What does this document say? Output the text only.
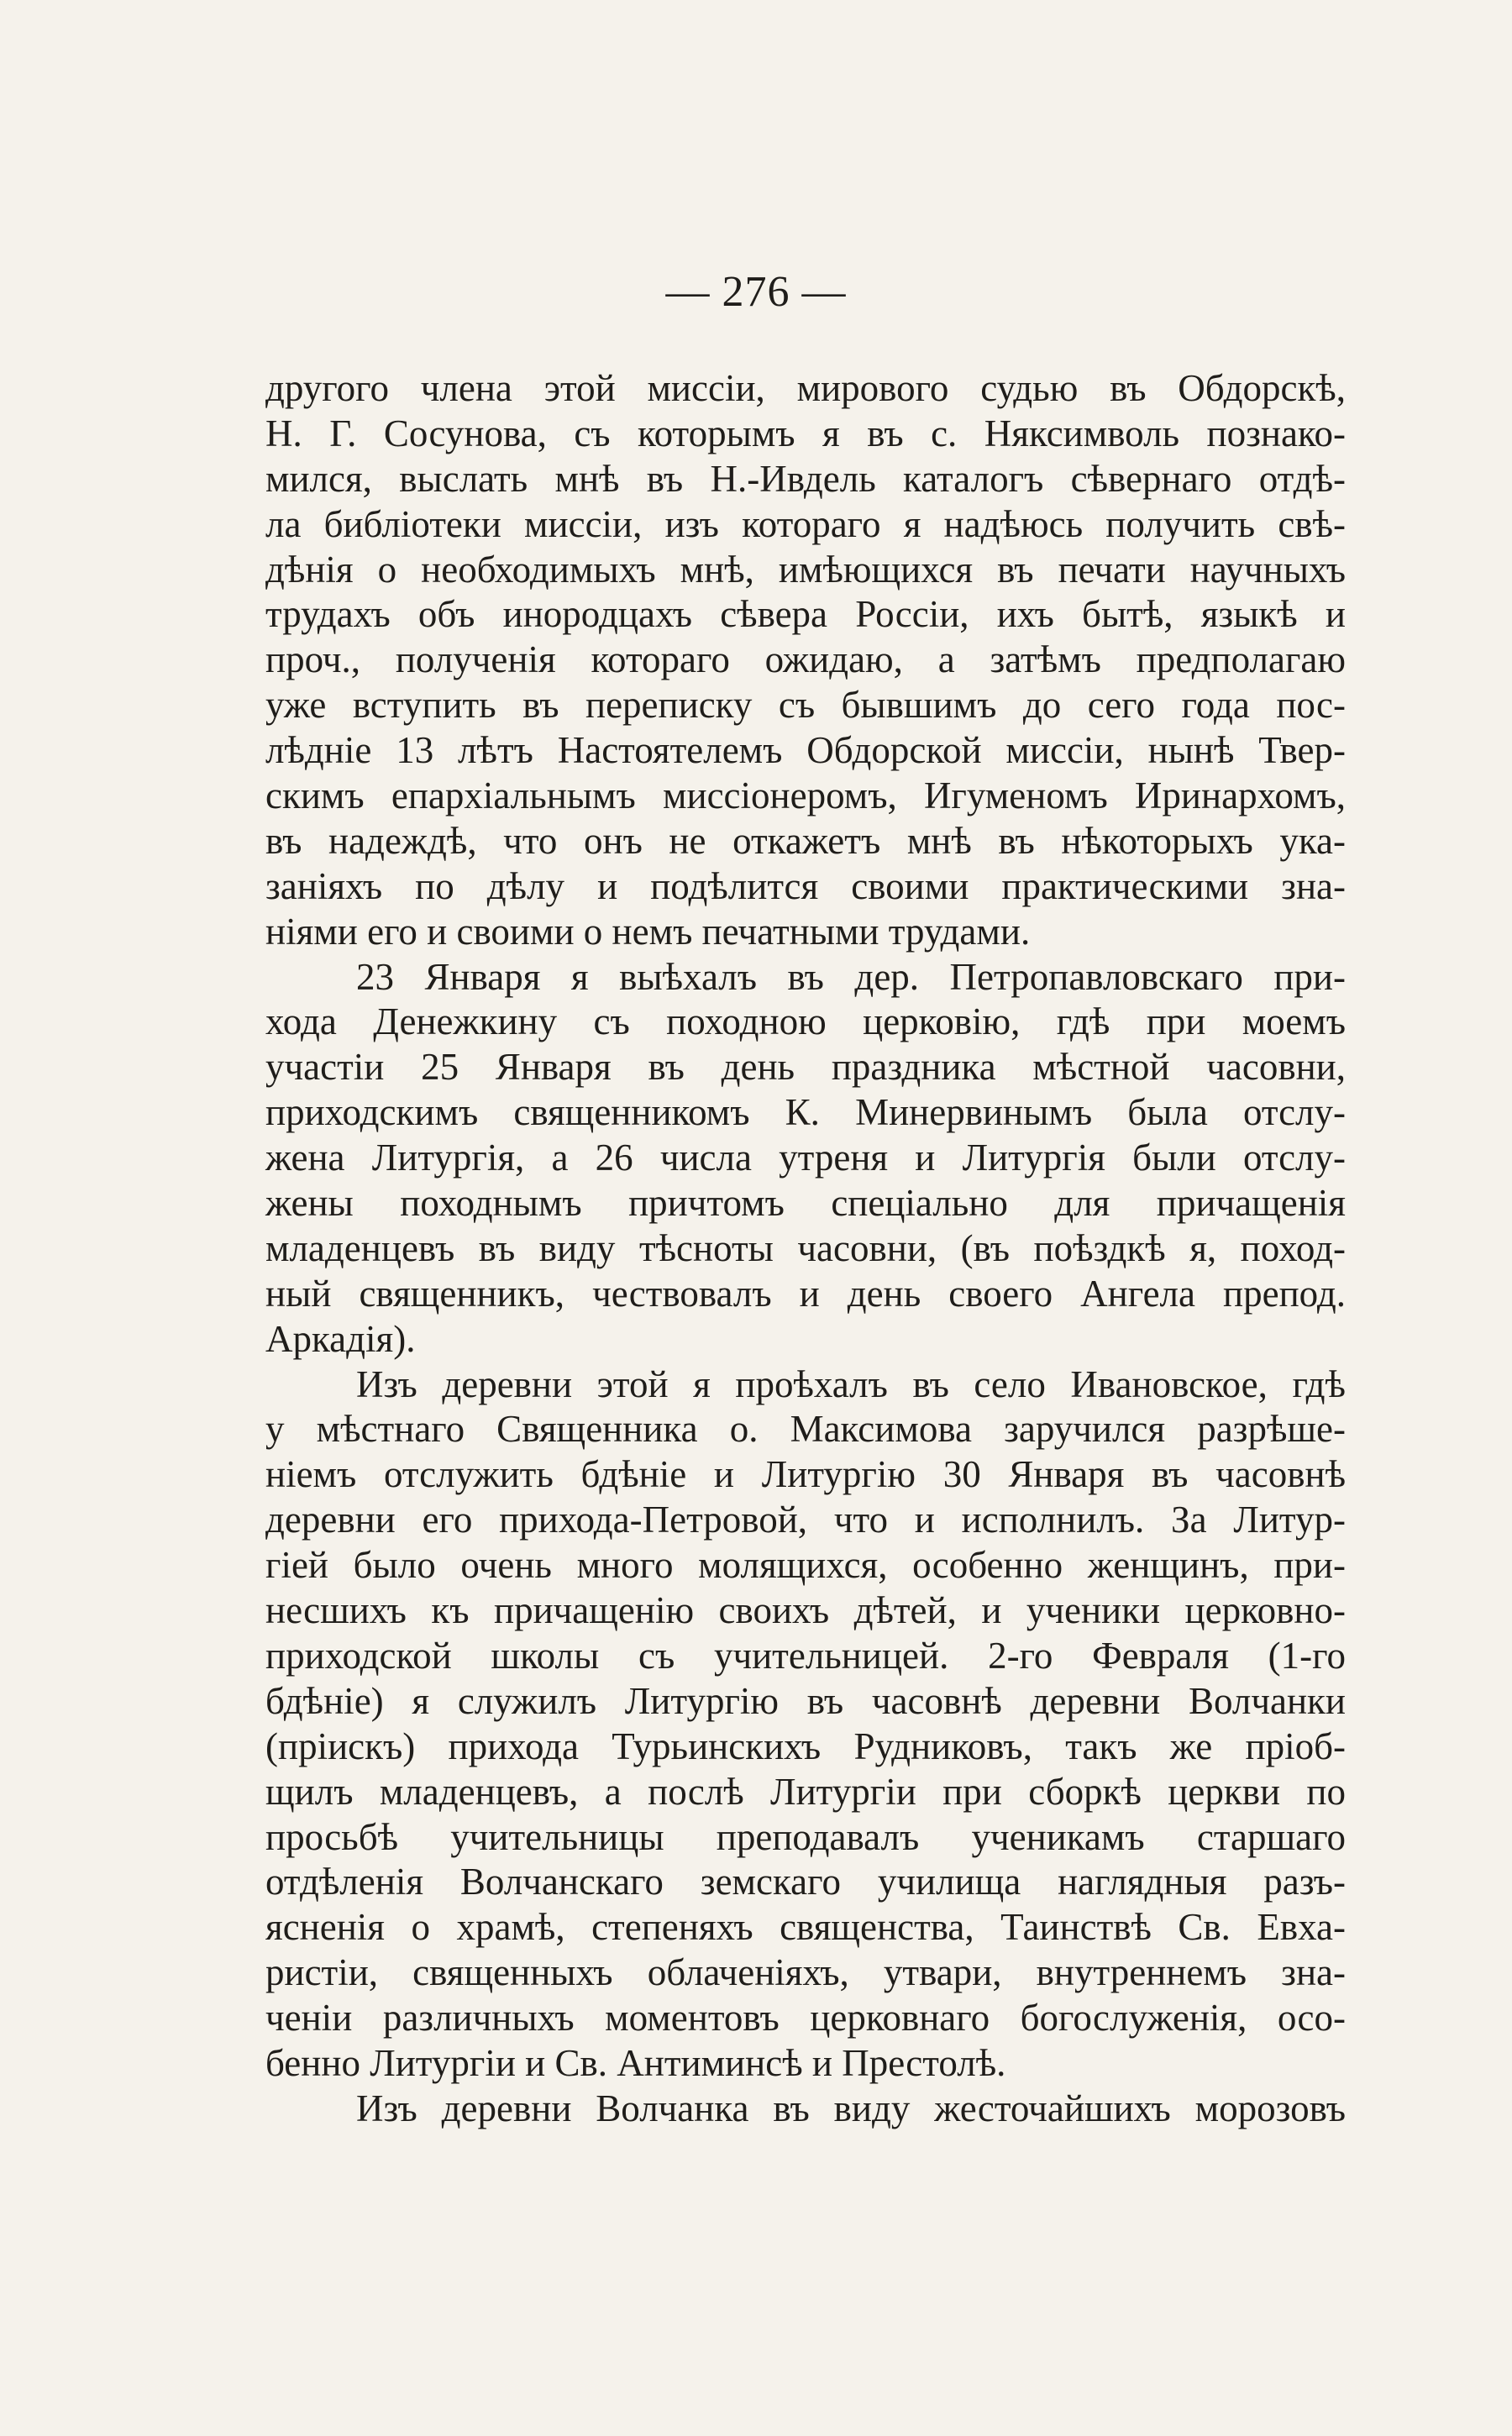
— 276 —
другого члена этой миссіи, мирового судью въ Обдорскѣ,
Н. Г. Сосунова, съ которымъ я въ с. Няксимволь познако-
мился, выслать мнѣ въ Н.-Ивдель каталогъ сѣвернаго отдѣ-
ла библіотеки миссіи, изъ котораго я надѣюсь получить свѣ-
дѣнія о необходимыхъ мнѣ, имѣющихся въ печати научныхъ
трудахъ объ инородцахъ сѣвера Россіи, ихъ бытѣ, языкѣ и
проч., полученія котораго ожидаю, а затѣмъ предполагаю
уже вступить въ переписку съ бывшимъ до сего года пос-
лѣдніе 13 лѣтъ Настоятелемъ Обдорской миссіи, нынѣ Твер-
скимъ епархіальнымъ миссіонеромъ, Игуменомъ Иринархомъ,
въ надеждѣ, что онъ не откажетъ мнѣ въ нѣкоторыхъ ука-
заніяхъ по дѣлу и подѣлится своими практическими зна-
ніями его и своими о немъ печатными трудами.
23 Января я выѣхалъ въ дер. Петропавловскаго при-
хода Денежкину съ походною церковію, гдѣ при моемъ
участіи 25 Января въ день праздника мѣстной часовни,
приходскимъ священникомъ К. Минервинымъ была отслу-
жена Литургія, а 26 числа утреня и Литургія были отслу-
жены походнымъ причтомъ спеціально для причащенія
младенцевъ въ виду тѣсноты часовни, (въ поѣздкѣ я, поход-
ный священникъ, чествовалъ и день своего Ангела препод.
Аркадія).
Изъ деревни этой я проѣхалъ въ село Ивановское, гдѣ
у мѣстнаго Священника о. Максимова заручился разрѣше-
ніемъ отслужить бдѣніе и Литургію 30 Января въ часовнѣ
деревни его прихода-Петровой, что и исполнилъ. За Литур-
гіей было очень много молящихся, особенно женщинъ, при-
несшихъ къ причащенію своихъ дѣтей, и ученики церковно-
приходской школы съ учительницей. 2-го Февраля (1-го
бдѣніе) я служилъ Литургію въ часовнѣ деревни Волчанки
(пріискъ) прихода Турьинскихъ Рудниковъ, такъ же пріоб-
щилъ младенцевъ, а послѣ Литургіи при сборкѣ церкви по
просьбѣ учительницы преподавалъ ученикамъ старшаго
отдѣленія Волчанскаго земскаго училища наглядныя разъ-
ясненія о храмѣ, степеняхъ священства, Таинствѣ Св. Евха-
ристіи, священныхъ облаченіяхъ, утвари, внутреннемъ зна-
ченіи различныхъ моментовъ церковнаго богослуженія, осо-
бенно Литургіи и Св. Антиминсѣ и Престолѣ.
Изъ деревни Волчанка въ виду жесточайшихъ морозовъ
